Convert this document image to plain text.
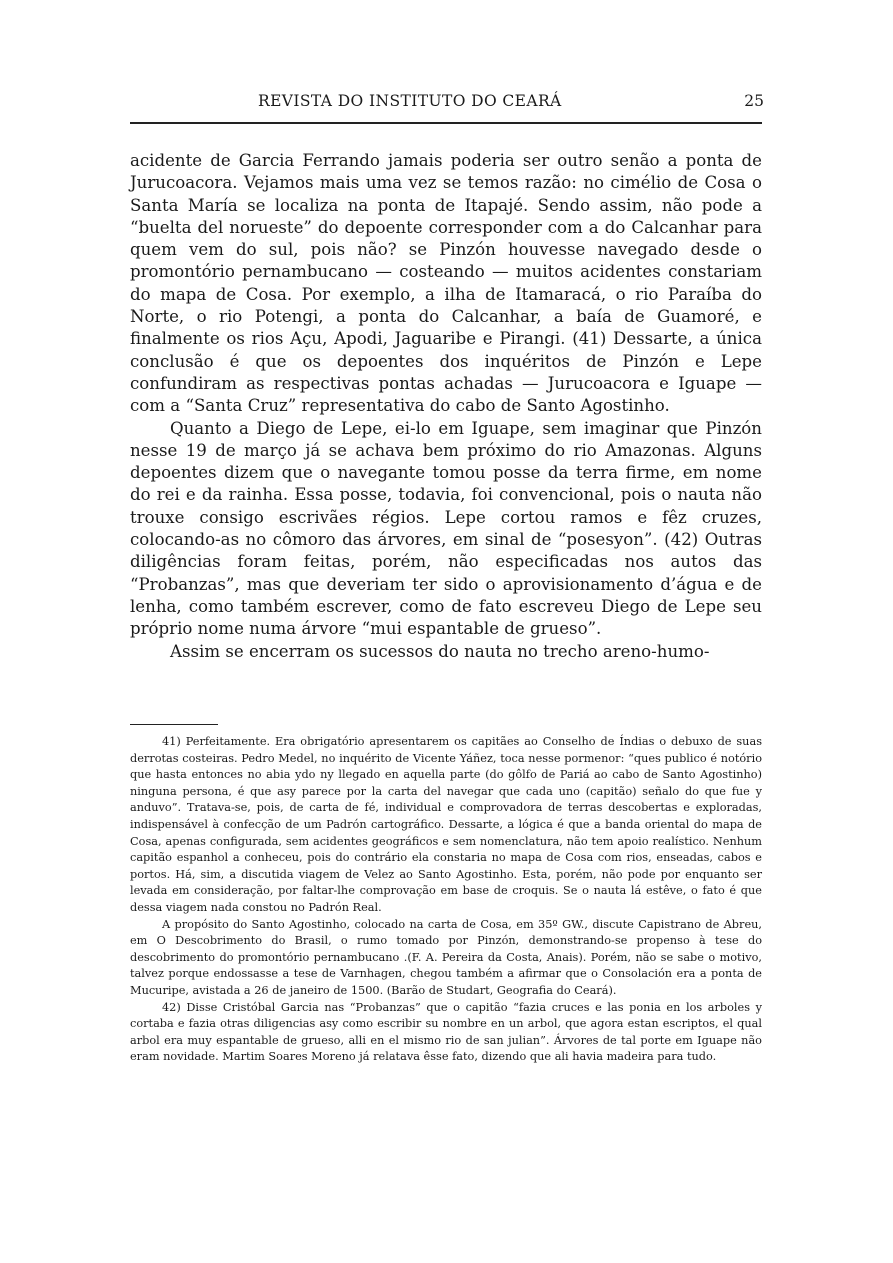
REVISTA DO INSTITUTO DO CEARÁ	25

acidente de Garcia Ferrando jamais poderia ser outro senão a ponta de Jurucoacora. Vejamos mais uma vez se temos razão: no cimélio de Cosa o Santa María se localiza na ponta de Itapajé. Sendo assim, não pode a “buelta del norueste” do depoente corresponder com a do Calcanhar para quem vem do sul, pois não? se Pinzón houvesse navegado desde o promontório pernambucano — costeando — muitos acidentes constariam do mapa de Cosa. Por exemplo, a ilha de Itamaracá, o rio Paraíba do Norte, o rio Potengi, a ponta do Calcanhar, a baía de Guamoré, e finalmente os rios Açu, Apodi, Jaguaribe e Pirangi. (41) Dessarte, a única conclusão é que os depoentes dos inquéritos de Pinzón e Lepe confundiram as respectivas pontas achadas — Jurucoacora e Iguape — com a “Santa Cruz” representativa do cabo de Santo Agostinho.

Quanto a Diego de Lepe, ei-lo em Iguape, sem imaginar que Pinzón nesse 19 de março já se achava bem próximo do rio Amazonas. Alguns depoentes dizem que o navegante tomou posse da terra firme, em nome do rei e da rainha. Essa posse, todavia, foi convencional, pois o nauta não trouxe consigo escrivães régios. Lepe cortou ramos e fêz cruzes, colocando-as no cômoro das árvores, em sinal de “posesyon”. (42) Outras diligências foram feitas, porém, não especificadas nos autos das “Probanzas”, mas que deveriam ter sido o aprovisionamento d’água e de lenha, como também escrever, como de fato escreveu Diego de Lepe seu próprio nome numa árvore “mui espantable de grueso”.

Assim se encerram os sucessos do nauta no trecho areno-humo-

41) Perfeitamente. Era obrigatório apresentarem os capitães ao Conselho de Índias o debuxo de suas derrotas costeiras. Pedro Medel, no inquérito de Vicente Yáñez, toca nesse pormenor: “ques publico é notório que hasta entonces no abia ydo ny llegado en aquella parte (do gôlfo de Pariá ao cabo de Santo Agostinho) ninguna persona, é que asy parece por la carta del navegar que cada uno (capitão) señalo do que fue y anduvo”. Tratava-se, pois, de carta de fé, individual e comprovadora de terras descobertas e exploradas, indispensável à confecção de um Padrón cartográfico. Dessarte, a lógica é que a banda oriental do mapa de Cosa, apenas configurada, sem acidentes geográficos e sem nomenclatura, não tem apoio realístico. Nenhum capitão espanhol a conheceu, pois do contrário ela constaria no mapa de Cosa com rios, enseadas, cabos e portos. Há, sim, a discutida viagem de Velez ao Santo Agostinho. Esta, porém, não pode por enquanto ser levada em consideração, por faltar-lhe comprovação em base de croquis. Se o nauta lá estêve, o fato é que dessa viagem nada constou no Padrón Real.

A propósito do Santo Agostinho, colocado na carta de Cosa, em 35º GW., discute Capistrano de Abreu, em O Descobrimento do Brasil, o rumo tomado por Pinzón, demonstrando-se propenso à tese do descobrimento do promontório pernambucano .(F. A. Pereira da Costa, Anais). Porém, não se sabe o motivo, talvez porque endossasse a tese de Varnhagen, chegou também a afirmar que o Consolación era a ponta de Mucuripe, avistada a 26 de janeiro de 1500. (Barão de Studart, Geografia do Ceará).

42) Disse Cristóbal Garcia nas “Probanzas” que o capitão “fazia cruces e las ponia en los arboles y cortaba e fazia otras diligencias asy como escribir su nombre en un arbol, que agora estan escriptos, el qual arbol era muy espantable de grueso, alli en el mismo rio de san julian”. Árvores de tal porte em Iguape não eram novidade. Martim Soares Moreno já relatava êsse fato, dizendo que ali havia madeira para tudo.
